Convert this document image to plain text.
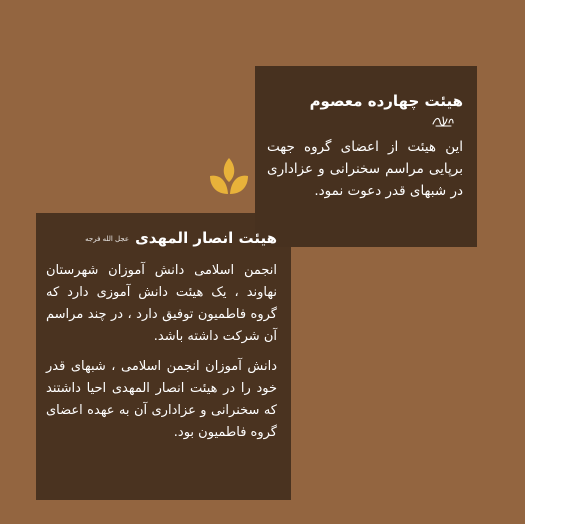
هیئت چهارده معصوم

این هیئت از اعضای گروه جهت برپایی مراسم سخنرانی و عزاداری در شبهای قدر دعوت نمود.

هیئت انصار المهدیعجل الله فرجه

انجمن اسلامی دانش آموزان شهرستان نهاوند ، یک هیئت دانش آموزی دارد که گروه فاطمیون توفیق دارد ، در چند مراسم آن شرکت داشته باشد.

دانش آموزان انجمن اسلامی ، شبهای قدر خود را در هیئت انصار المهدی احیا داشتند که سخنرانی و عزاداری آن به عهده اعضای گروه فاطمیون بود.
